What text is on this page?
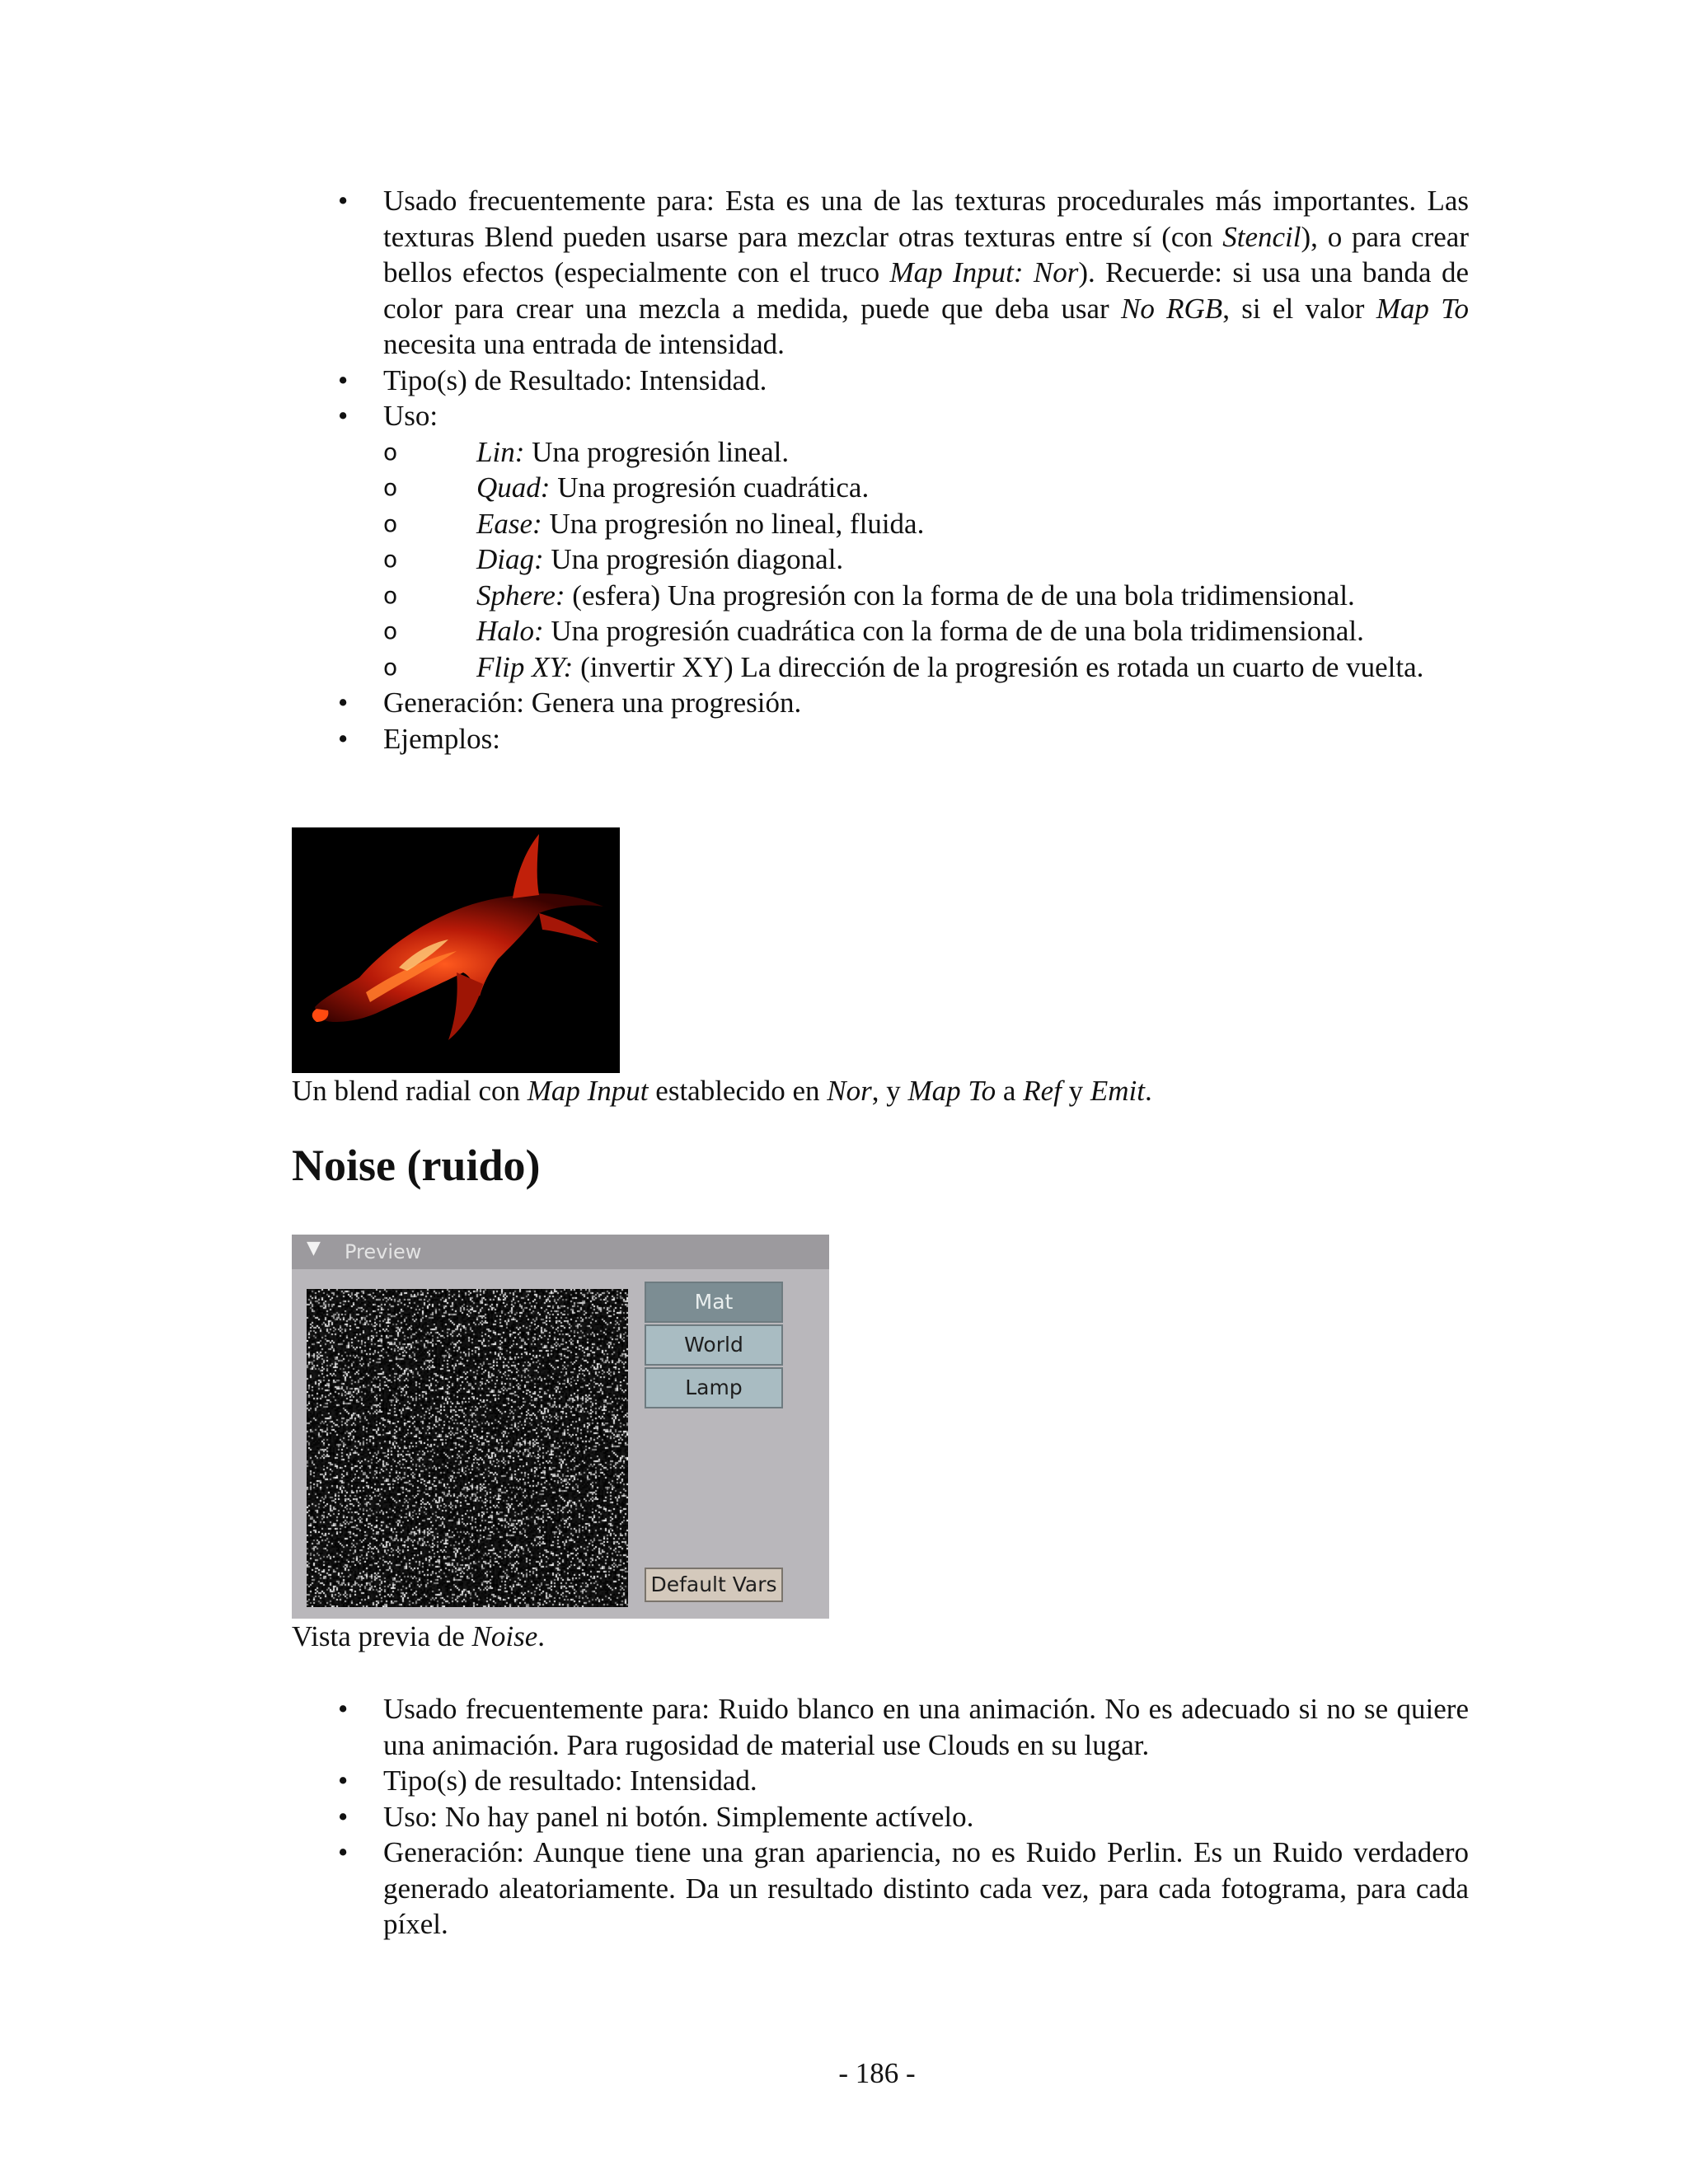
• Usado frecuentemente para: Esta es una de las texturas procedurales más importantes. Las texturas Blend pueden usarse para mezclar otras texturas entre sí (con Stencil), o para crear bellos efectos (especialmente con el truco Map Input: Nor). Recuerde: si usa una banda de color para crear una mezcla a medida, puede que deba usar No RGB, si el valor Map To necesita una entrada de intensidad.
• Tipo(s) de Resultado: Intensidad.
• Uso:
o	Lin: Una progresión lineal.
o	Quad: Una progresión cuadrática.
o	Ease: Una progresión no lineal, fluida.
o	Diag: Una progresión diagonal.
o	Sphere: (esfera) Una progresión con la forma de de una bola tridimensional.
o	Halo: Una progresión cuadrática con la forma de de una bola tridimensional.
o	Flip XY: (invertir XY) La dirección de la progresión es rotada un cuarto de vuelta.
• Generación: Genera una progresión.
• Ejemplos:
Un blend radial con Map Input establecido en Nor, y Map To a Ref y Emit.
Noise (ruido)
▼ Preview
Mat
World
Lamp
Default Vars
Vista previa de Noise.
• Usado frecuentemente para: Ruido blanco en una animación. No es adecuado si no se quiere una animación. Para rugosidad de material use Clouds en su lugar.
• Tipo(s) de resultado: Intensidad.
• Uso: No hay panel ni botón. Simplemente actívelo.
• Generación: Aunque tiene una gran apariencia, no es Ruido Perlin. Es un Ruido verdadero generado aleatoriamente. Da un resultado distinto cada vez, para cada fotograma, para cada píxel.
- 186 -
